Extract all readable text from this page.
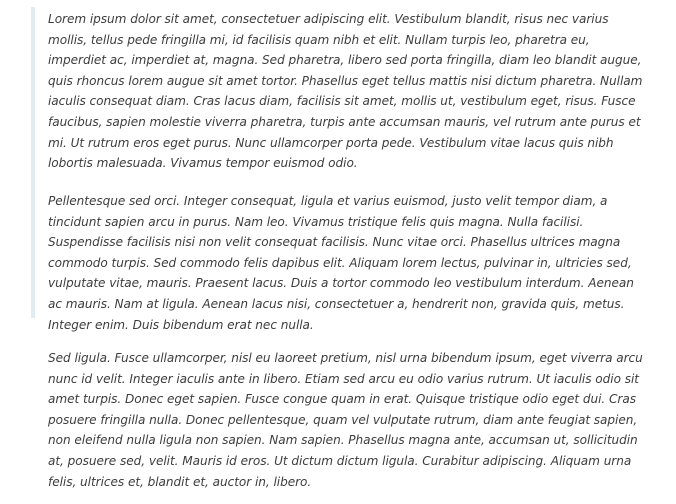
Lorem ipsum dolor sit amet, consectetuer adipiscing elit. Vestibulum blandit, risus nec varius mollis, tellus pede fringilla mi, id facilisis quam nibh et elit. Nullam turpis leo, pharetra eu, imperdiet ac, imperdiet at, magna. Sed pharetra, libero sed porta fringilla, diam leo blandit augue, quis rhoncus lorem augue sit amet tortor. Phasellus eget tellus mattis nisi dictum pharetra. Nullam iaculis consequat diam. Cras lacus diam, facilisis sit amet, mollis ut, vestibulum eget, risus. Fusce faucibus, sapien molestie viverra pharetra, turpis ante accumsan mauris, vel rutrum ante purus et mi. Ut rutrum eros eget purus. Nunc ullamcorper porta pede. Vestibulum vitae lacus quis nibh lobortis malesuada. Vivamus tempor euismod odio.

Pellentesque sed orci. Integer consequat, ligula et varius euismod, justo velit tempor diam, a tincidunt sapien arcu in purus. Nam leo. Vivamus tristique felis quis magna. Nulla facilisi. Suspendisse facilisis nisi non velit consequat facilisis. Nunc vitae orci. Phasellus ultrices magna commodo turpis. Sed commodo felis dapibus elit. Aliquam lorem lectus, pulvinar in, ultricies sed, vulputate vitae, mauris. Praesent lacus. Duis a tortor commodo leo vestibulum interdum. Aenean ac mauris. Nam at ligula. Aenean lacus nisi, consectetuer a, hendrerit non, gravida quis, metus. Integer enim. Duis bibendum erat nec nulla.

Sed ligula. Fusce ullamcorper, nisl eu laoreet pretium, nisl urna bibendum ipsum, eget viverra arcu nunc id velit. Integer iaculis ante in libero. Etiam sed arcu eu odio varius rutrum. Ut iaculis odio sit amet turpis. Donec eget sapien. Fusce congue quam in erat. Quisque tristique odio eget dui. Cras posuere fringilla nulla. Donec pellentesque, quam vel vulputate rutrum, diam ante feugiat sapien, non eleifend nulla ligula non sapien. Nam sapien. Phasellus magna ante, accumsan ut, sollicitudin at, posuere sed, velit. Mauris id eros. Ut dictum dictum ligula. Curabitur adipiscing. Aliquam urna felis, ultrices et, blandit et, auctor in, libero.
